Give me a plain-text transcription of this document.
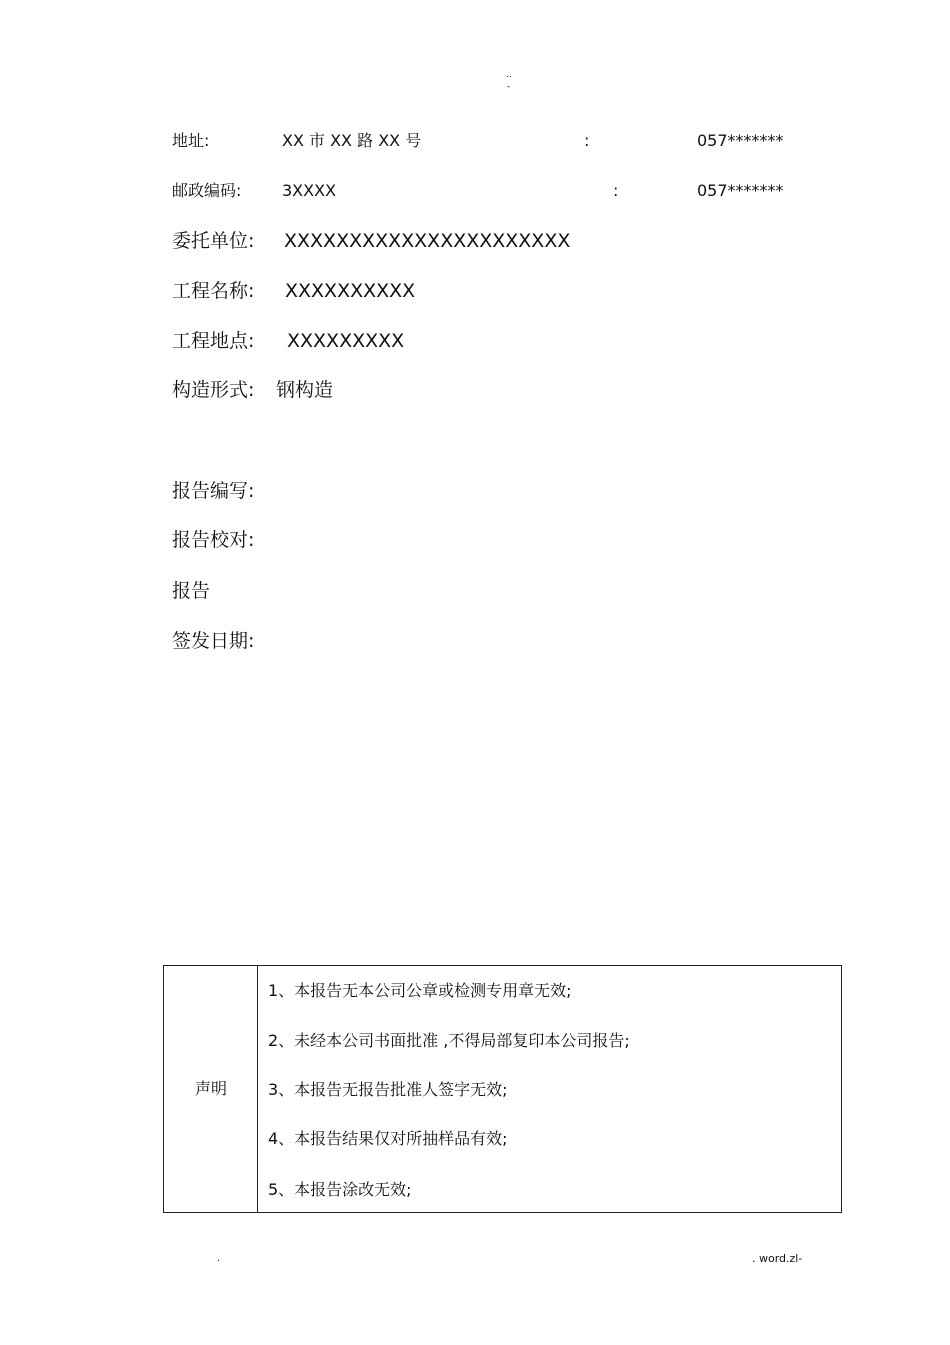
..
-
地址:	XX 市 XX 路 XX 号	:	057*******
邮政编码:	3XXXX	:	057*******
委托单位: XXXXXXXXXXXXXXXXXXXXXX
工程名称: XXXXXXXXXX
工程地点: XXXXXXXXX
构造形式: 钢构造
报告编写:
报告校对:
报告
签发日期:
声明
1、本报告无本公司公章或检测专用章无效;
2、未经本公司书面批准 ,不得局部复印本公司报告;
3、本报告无报告批准人签字无效;
4、本报告结果仅对所抽样品有效;
5、本报告涂改无效;
.	. word.zl-
